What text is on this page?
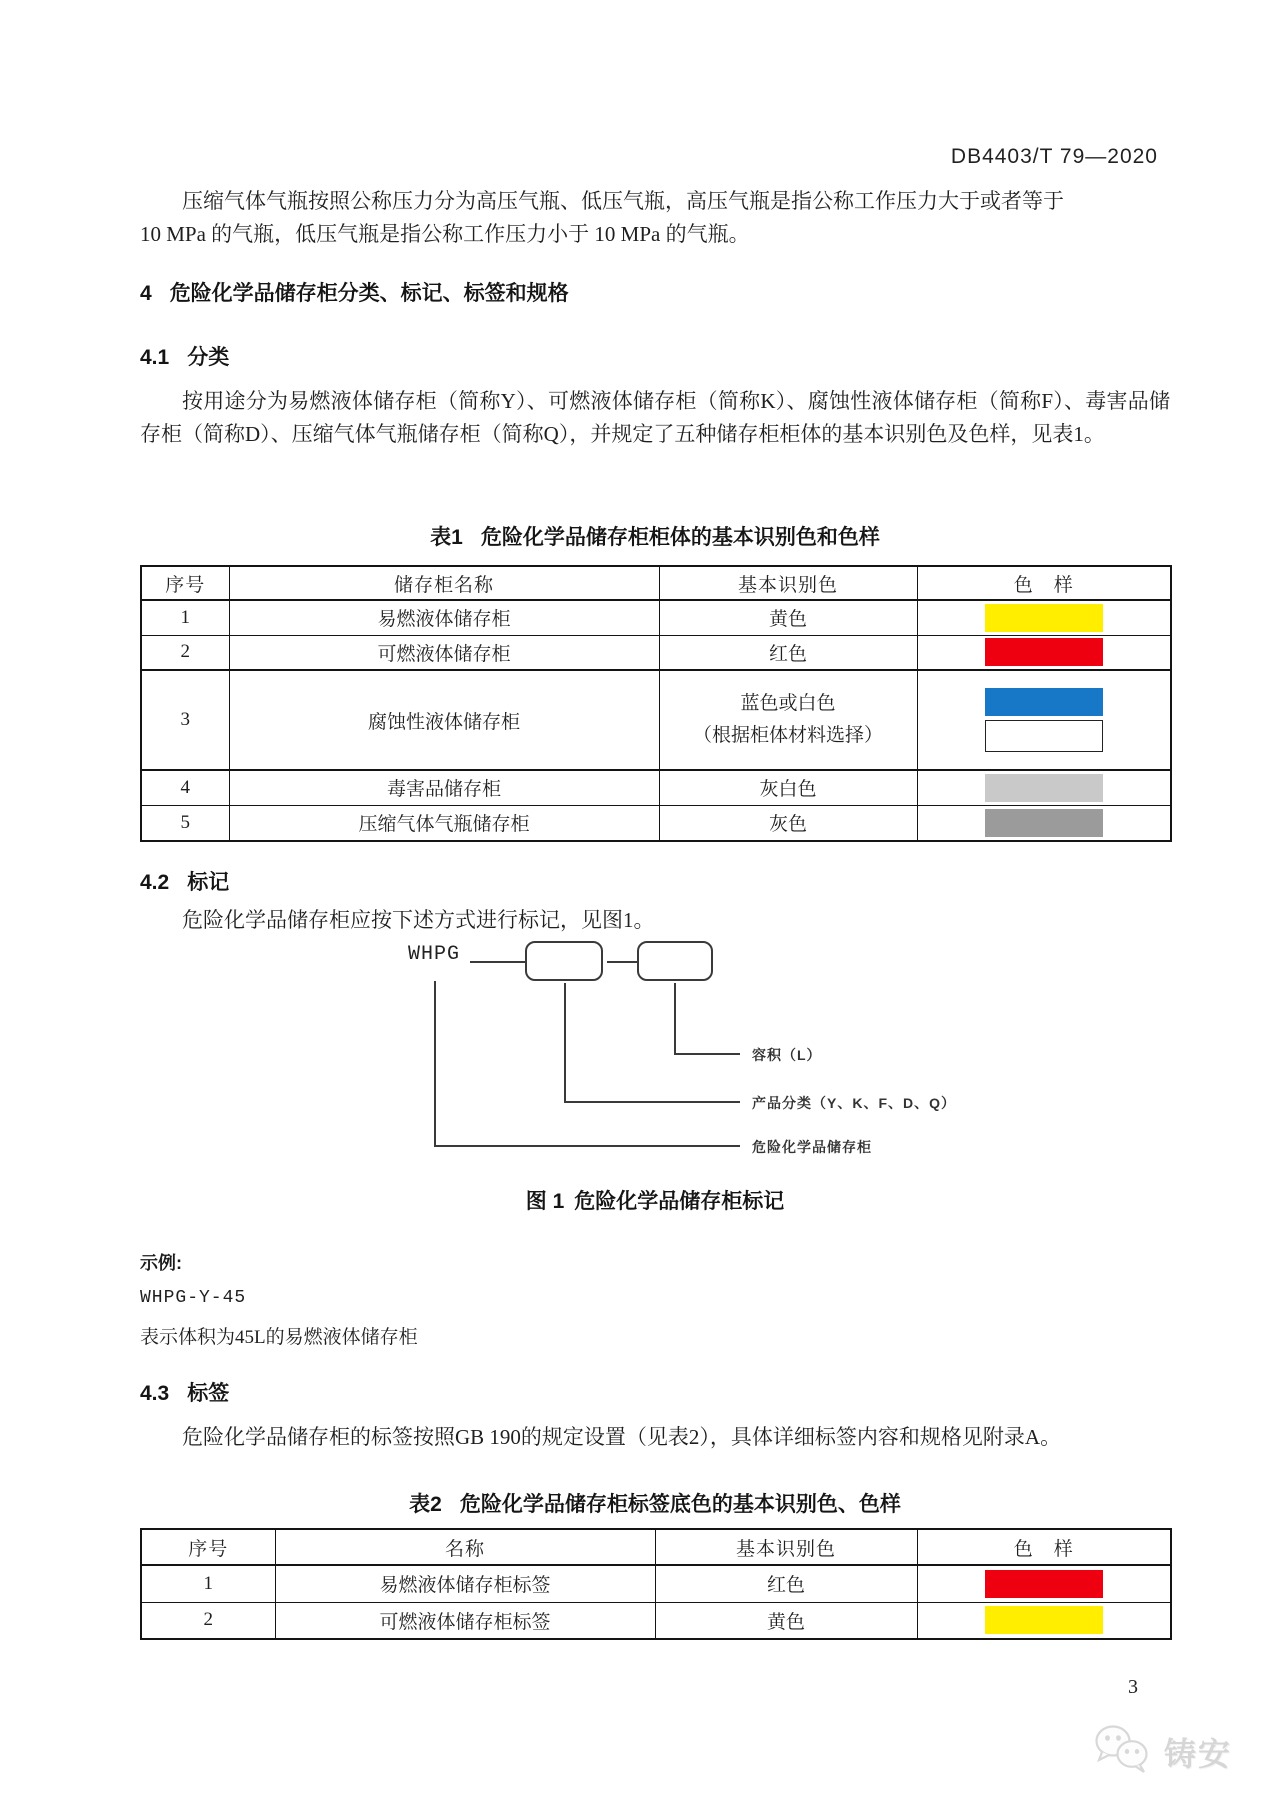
DB4403/T 79—2020

压缩气体气瓶按照公称压力分为高压气瓶、低压气瓶，高压气瓶是指公称工作压力大于或者等于
10 MPa 的气瓶，低压气瓶是指公称工作压力小于 10 MPa 的气瓶。

4 危险化学品储存柜分类、标记、标签和规格
4.1 分类

按用途分为易燃液体储存柜（简称Y）、可燃液体储存柜（简称K）、腐蚀性液体储存柜（简称F）、毒害品储存柜（简称D）、压缩气体气瓶储存柜（简称Q），并规定了五种储存柜柜体的基本识别色及色样，见表1。

表1 危险化学品储存柜柜体的基本识别色和色样
序号	储存柜名称	基本识别色	色　样
1	易燃液体储存柜	黄色	

2	可燃液体储存柜	红色	

3	腐蚀性液体储存柜	蓝色或白色
（根据柜体材料选择）	

4	毒害品储存柜	灰白色	

5	压缩气体气瓶储存柜	灰色	
4.2 标记

危险化学品储存柜应按下述方式进行标记，见图1。

WHPG
容积（L）
产品分类（Y、K、F、D、Q）
危险化学品储存柜
图 1 危险化学品储存柜标记
示例:
WHPG-Y-45
表示体积为45L的易燃液体储存柜
4.3 标签

危险化学品储存柜的标签按照GB 190的规定设置（见表2），具体详细标签内容和规格见附录A。

表2 危险化学品储存柜标签底色的基本识别色、色样
序号	名称	基本识别色	色　样
1	易燃液体储存柜标签	红色	

2	可燃液体储存柜标签	黄色	
3
铸安
